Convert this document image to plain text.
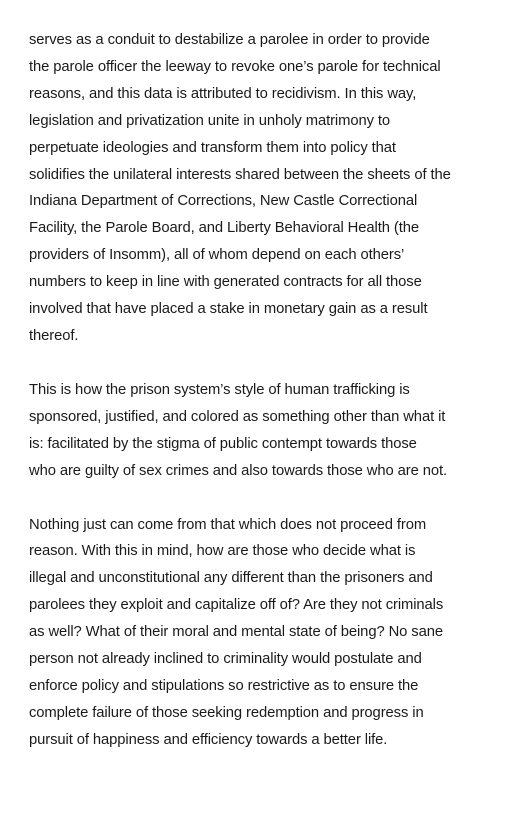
serves as a conduit to destabilize a parolee in order to provide
the parole officer the leeway to revoke one’s parole for technical
reasons, and this data is attributed to recidivism. In this way,
legislation and privatization unite in unholy matrimony to
perpetuate ideologies and transform them into policy that
solidifies the unilateral interests shared between the sheets of the
Indiana Department of Corrections, New Castle Correctional
Facility, the Parole Board, and Liberty Behavioral Health (the
providers of Insomm), all of whom depend on each others’
numbers to keep in line with generated contracts for all those
involved that have placed a stake in monetary gain as a result
thereof.
This is how the prison system’s style of human trafficking is
sponsored, justified, and colored as something other than what it
is: facilitated by the stigma of public contempt towards those
who are guilty of sex crimes and also towards those who are not.
Nothing just can come from that which does not proceed from
reason. With this in mind, how are those who decide what is
illegal and unconstitutional any different than the prisoners and
parolees they exploit and capitalize off of? Are they not criminals
as well? What of their moral and mental state of being? No sane
person not already inclined to criminality would postulate and
enforce policy and stipulations so restrictive as to ensure the
complete failure of those seeking redemption and progress in
pursuit of happiness and efficiency towards a better life.
